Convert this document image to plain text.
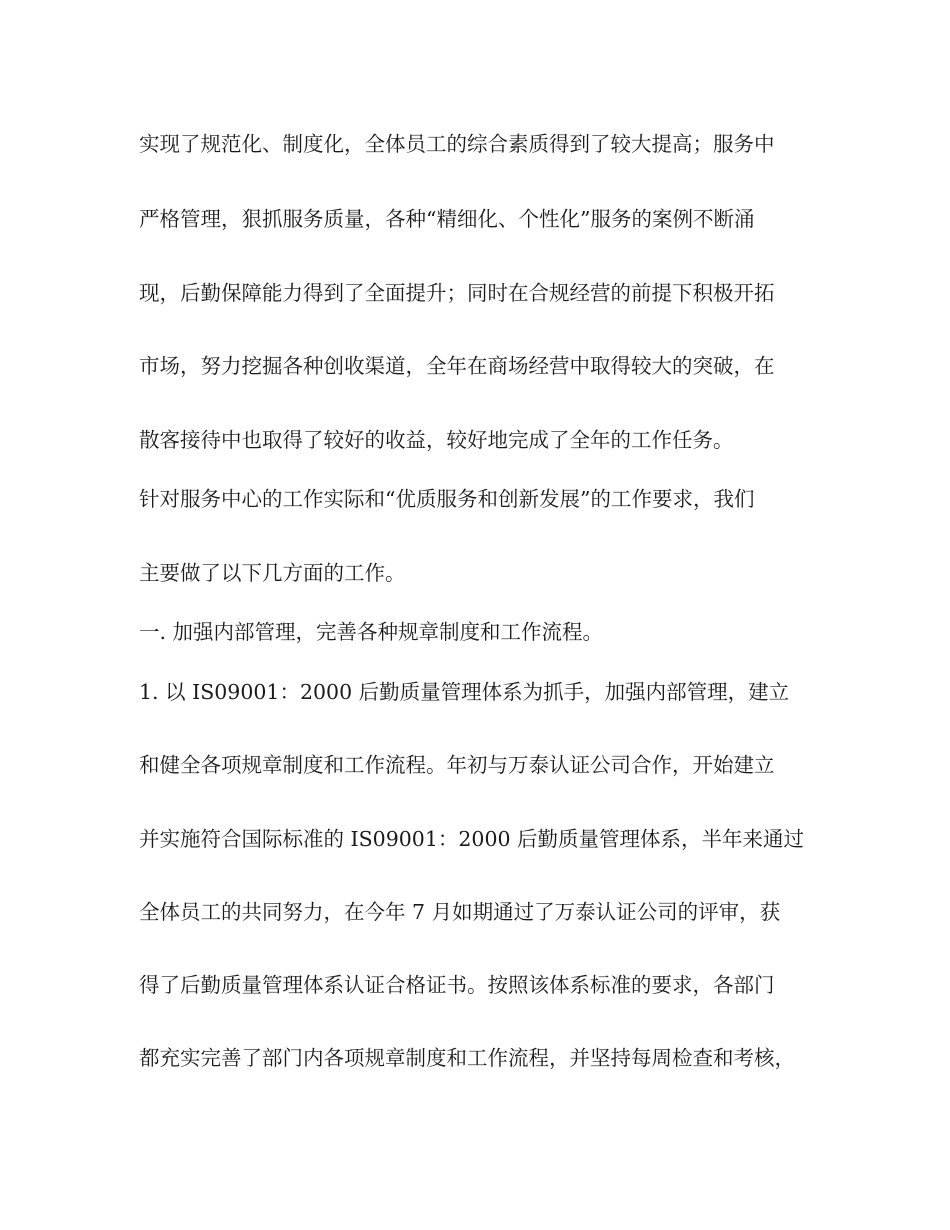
实现了规范化、制度化，全体员工的综合素质得到了较大提高；服务中

严格管理，狠抓服务质量，各种“精细化、个性化”服务的案例不断涌

现，后勤保障能力得到了全面提升；同时在合规经营的前提下积极开拓

市场，努力挖掘各种创收渠道，全年在商场经营中取得较大的突破，在

散客接待中也取得了较好的收益，较好地完成了全年的工作任务。

针对服务中心的工作实际和“优质服务和创新发展”的工作要求，我们

主要做了以下几方面的工作。

一. 加强内部管理，完善各种规章制度和工作流程。

1. 以 IS09001：2000 后勤质量管理体系为抓手，加强内部管理，建立

和健全各项规章制度和工作流程。年初与万泰认证公司合作，开始建立

并实施符合国际标准的 IS09001：2000 后勤质量管理体系，半年来通过

全体员工的共同努力，在今年 7 月如期通过了万泰认证公司的评审，获

得了后勤质量管理体系认证合格证书。按照该体系标准的要求，各部门

都充实完善了部门内各项规章制度和工作流程，并坚持每周检查和考核，
